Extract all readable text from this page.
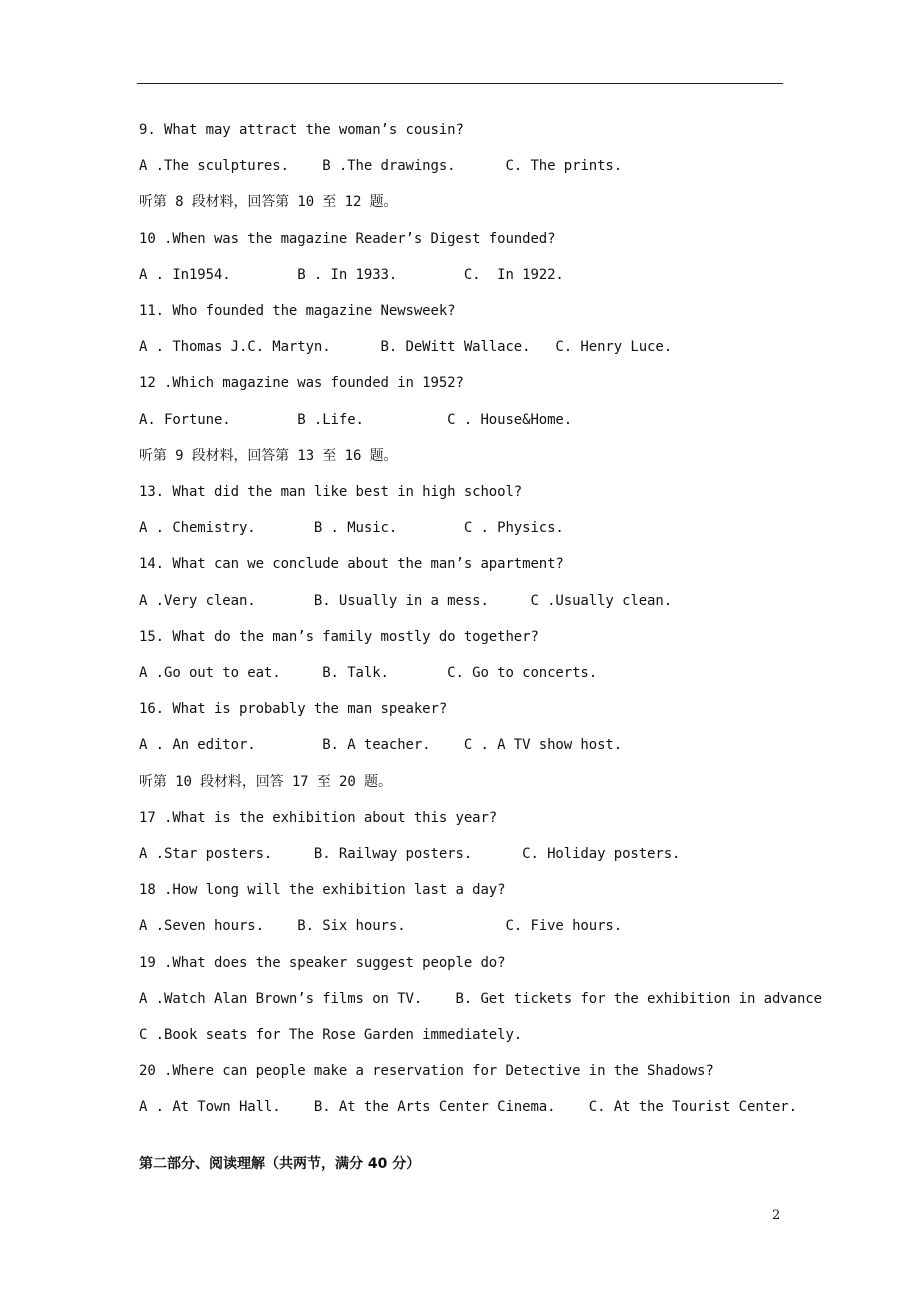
9. What may attract the woman’s cousin?
A .The sculptures.    B .The drawings.      C. The prints.
听第 8 段材料，回答第 10 至 12 题。
10 .When was the magazine Reader’s Digest founded?
A . In1954.        B . In 1933.        C.  In 1922.
11. Who founded the magazine Newsweek?
A . Thomas J.C. Martyn.      B. DeWitt Wallace.   C. Henry Luce.
12 .Which magazine was founded in 1952?
A. Fortune.        B .Life.          C . House&Home.
听第 9 段材料，回答第 13 至 16 题。
13. What did the man like best in high school?
A . Chemistry.       B . Music.        C . Physics.
14. What can we conclude about the man’s apartment?
A .Very clean.       B. Usually in a mess.     C .Usually clean.
15. What do the man’s family mostly do together?
A .Go out to eat.     B. Talk.       C. Go to concerts.
16. What is probably the man speaker?
A . An editor.        B. A teacher.    C . A TV show host.
听第 10 段材料，回答 17 至 20 题。
17 .What is the exhibition about this year?
A .Star posters.     B. Railway posters.      C. Holiday posters.
18 .How long will the exhibition last a day?
A .Seven hours.    B. Six hours.            C. Five hours.
19 .What does the speaker suggest people do?
A .Watch Alan Brown’s films on TV.    B. Get tickets for the exhibition in advance
C .Book seats for The Rose Garden immediately.
20 .Where can people make a reservation for Detective in the Shadows?
A . At Town Hall.    B. At the Arts Center Cinema.    C. At the Tourist Center.
第二部分、阅读理解（共两节，满分 40 分）
2
